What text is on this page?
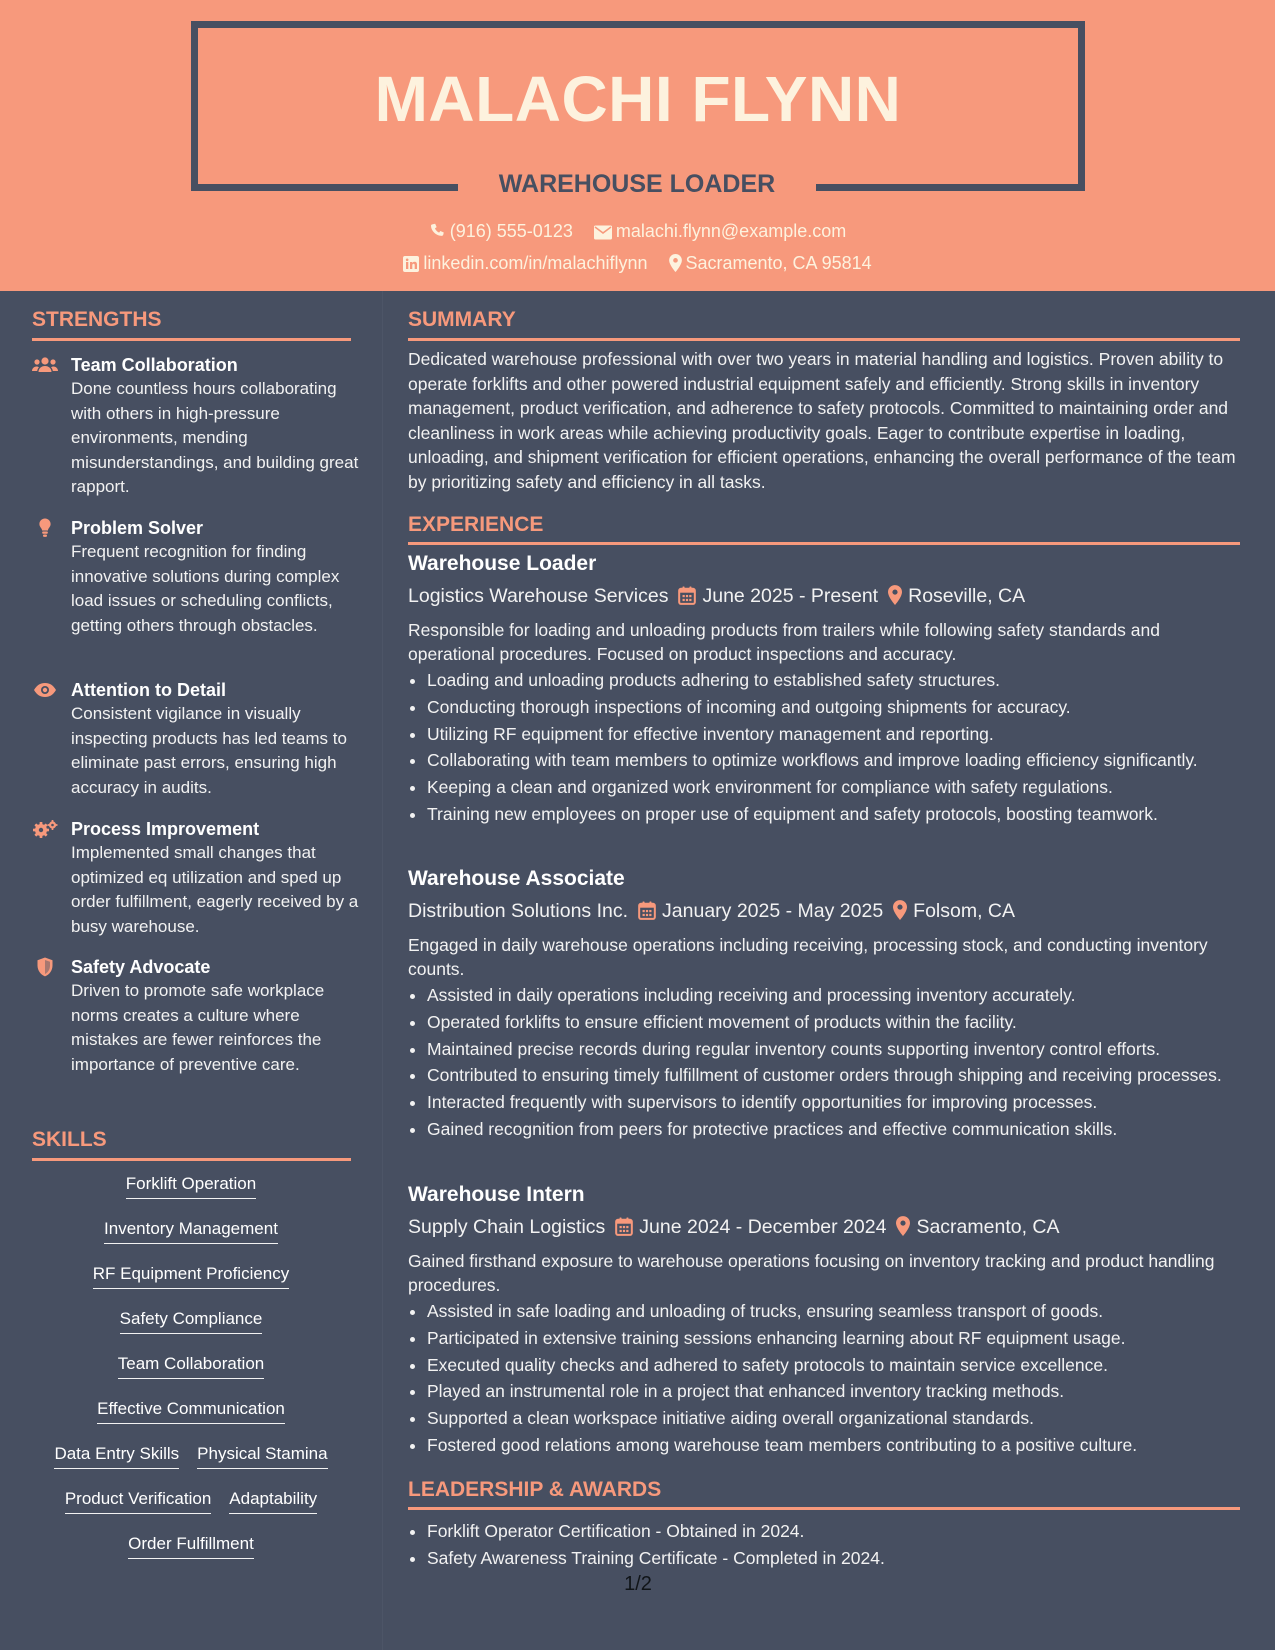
MALACHI FLYNN
WAREHOUSE LOADER
(916) 555-0123 malachi.flynn@example.com
linkedin.com/in/malachiflynn Sacramento, CA 95814
STRENGTHS
Team Collaboration
Done countless hours collaborating with others in high-pressure environments, mending misunderstandings, and building great rapport.
Problem Solver
Frequent recognition for finding innovative solutions during complex load issues or scheduling conflicts, getting others through obstacles.
Attention to Detail
Consistent vigilance in visually inspecting products has led teams to eliminate past errors, ensuring high accuracy in audits.
Process Improvement
Implemented small changes that optimized eq utilization and sped up order fulfillment, eagerly received by a busy warehouse.
Safety Advocate
Driven to promote safe workplace norms creates a culture where mistakes are fewer reinforces the importance of preventive care.
SKILLS
Forklift Operation
Inventory Management
RF Equipment Proficiency
Safety Compliance
Team Collaboration
Effective Communication
Data Entry Skills Physical Stamina
Product Verification Adaptability
Order Fulfillment
SUMMARY
Dedicated warehouse professional with over two years in material handling and logistics. Proven ability to operate forklifts and other powered industrial equipment safely and efficiently. Strong skills in inventory management, product verification, and adherence to safety protocols. Committed to maintaining order and cleanliness in work areas while achieving productivity goals. Eager to contribute expertise in loading, unloading, and shipment verification for efficient operations, enhancing the overall performance of the team by prioritizing safety and efficiency in all tasks.
EXPERIENCE
Warehouse Loader
Logistics Warehouse Services June 2025 - Present Roseville, CA
Responsible for loading and unloading products from trailers while following safety standards and operational procedures. Focused on product inspections and accuracy.
• Loading and unloading products adhering to established safety structures.
• Conducting thorough inspections of incoming and outgoing shipments for accuracy.
• Utilizing RF equipment for effective inventory management and reporting.
• Collaborating with team members to optimize workflows and improve loading efficiency significantly.
• Keeping a clean and organized work environment for compliance with safety regulations.
• Training new employees on proper use of equipment and safety protocols, boosting teamwork.
Warehouse Associate
Distribution Solutions Inc. January 2025 - May 2025 Folsom, CA
Engaged in daily warehouse operations including receiving, processing stock, and conducting inventory counts.
• Assisted in daily operations including receiving and processing inventory accurately.
• Operated forklifts to ensure efficient movement of products within the facility.
• Maintained precise records during regular inventory counts supporting inventory control efforts.
• Contributed to ensuring timely fulfillment of customer orders through shipping and receiving processes.
• Interacted frequently with supervisors to identify opportunities for improving processes.
• Gained recognition from peers for protective practices and effective communication skills.
Warehouse Intern
Supply Chain Logistics June 2024 - December 2024 Sacramento, CA
Gained firsthand exposure to warehouse operations focusing on inventory tracking and product handling procedures.
• Assisted in safe loading and unloading of trucks, ensuring seamless transport of goods.
• Participated in extensive training sessions enhancing learning about RF equipment usage.
• Executed quality checks and adhered to safety protocols to maintain service excellence.
• Played an instrumental role in a project that enhanced inventory tracking methods.
• Supported a clean workspace initiative aiding overall organizational standards.
• Fostered good relations among warehouse team members contributing to a positive culture.
LEADERSHIP & AWARDS
• Forklift Operator Certification - Obtained in 2024.
• Safety Awareness Training Certificate - Completed in 2024.
1/2
